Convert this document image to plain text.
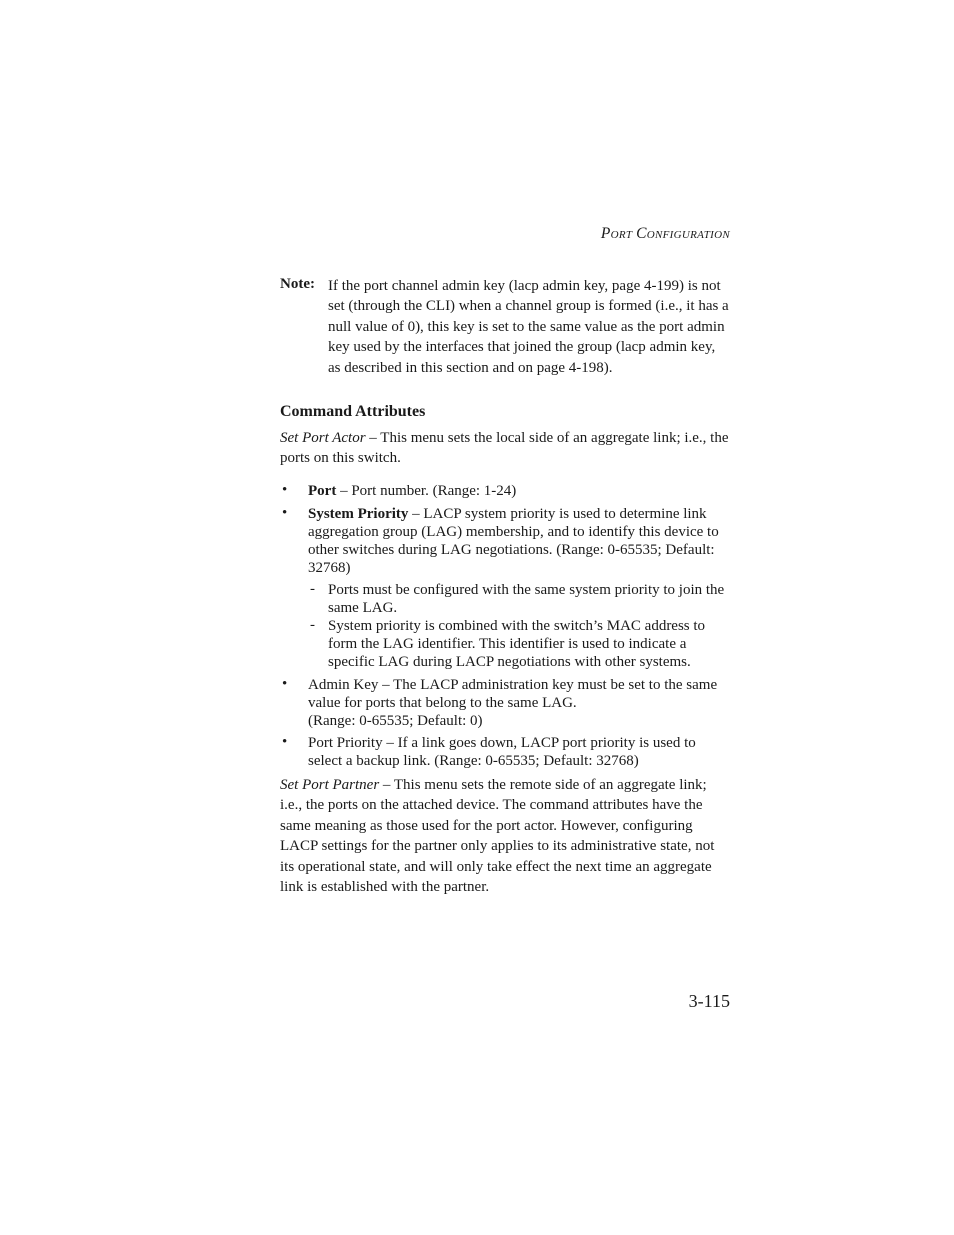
PORT CONFIGURATION
Note: If the port channel admin key (lacp admin key, page 4-199) is not set (through the CLI) when a channel group is formed (i.e., it has a null value of 0), this key is set to the same value as the port admin key used by the interfaces that joined the group (lacp admin key, as described in this section and on page 4-198).
Command Attributes
Set Port Actor – This menu sets the local side of an aggregate link; i.e., the ports on this switch.
• Port – Port number. (Range: 1-24)
• System Priority – LACP system priority is used to determine link aggregation group (LAG) membership, and to identify this device to other switches during LAG negotiations. (Range: 0-65535; Default: 32768)
- Ports must be configured with the same system priority to join the same LAG.
- System priority is combined with the switch’s MAC address to form the LAG identifier. This identifier is used to indicate a specific LAG during LACP negotiations with other systems.
• Admin Key – The LACP administration key must be set to the same value for ports that belong to the same LAG.
(Range: 0-65535; Default: 0)
• Port Priority – If a link goes down, LACP port priority is used to select a backup link. (Range: 0-65535; Default: 32768)
Set Port Partner – This menu sets the remote side of an aggregate link; i.e., the ports on the attached device. The command attributes have the same meaning as those used for the port actor. However, configuring LACP settings for the partner only applies to its administrative state, not its operational state, and will only take effect the next time an aggregate link is established with the partner.
3-115
